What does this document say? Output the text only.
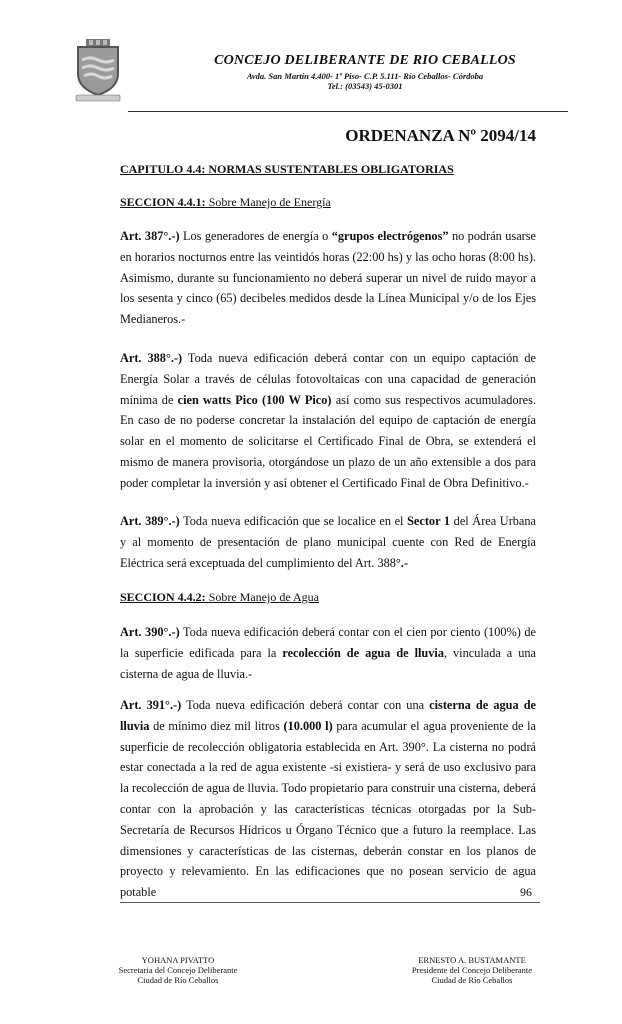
CONCEJO DELIBERANTE DE RIO CEBALLOS
Avda. San Martín 4.400- 1º Piso- C.P. 5.111- Río Ceballos- Córdoba
Tel.: (03543) 45-0301
ORDENANZA Nº 2094/14
CAPITULO 4.4: NORMAS SUSTENTABLES OBLIGATORIAS
SECCION 4.4.1: Sobre Manejo de Energía
Art. 387°.-) Los generadores de energía o “grupos electrógenos” no podrán usarse en horarios nocturnos entre las veintidós horas (22:00 hs) y las ocho horas (8:00 hs). Asimismo, durante su funcionamiento no deberá superar un nivel de ruido mayor a los sesenta y cinco (65) decibeles medidos desde la Línea Municipal y/o de los Ejes Medianeros.-
Art. 388°.-) Toda nueva edificación deberá contar con un equipo captación de Energía Solar a través de células fotovoltaicas con una capacidad de generación mínima de cien watts Pico (100 W Pico) así como sus respectivos acumuladores. En caso de no poderse concretar la instalación del equipo de captación de energía solar en el momento de solicitarse el Certificado Final de Obra, se extenderá el mismo de manera provisoria, otorgándose un plazo de un año extensible a dos para poder completar la inversión y así obtener el Certificado Final de Obra Definitivo.-
Art. 389°.-) Toda nueva edificación que se localice en el Sector 1 del Área Urbana y al momento de presentación de plano municipal cuente con Red de Energía Eléctrica será exceptuada del cumplimiento del Art. 388°.-
SECCION 4.4.2: Sobre Manejo de Agua
Art. 390°.-) Toda nueva edificación deberá contar con el cien por ciento (100%) de la superficie edificada para la recolección de agua de lluvia, vinculada a una cisterna de agua de lluvia.-
Art. 391°.-) Toda nueva edificación deberá contar con una cisterna de agua de lluvia de mínimo diez mil litros (10.000 l) para acumular el agua proveniente de la superficie de recolección obligatoria establecida en Art. 390°. La cisterna no podrá estar conectada a la red de agua existente -si existiera- y será de uso exclusivo para la recolección de agua de lluvia. Todo propietario para construir una cisterna, deberá contar con la aprobación y las características técnicas otorgadas por la Sub-Secretaría de Recursos Hídricos u Órgano Técnico que a futuro la reemplace. Las dimensiones y características de las cisternas, deberán constar en los planos de proyecto y relevamiento. En las edificaciones que no posean servicio de agua potable	96
YOHANA PIVATTO
Secretaria del Concejo Deliberante
Ciudad de Río Ceballos
ERNESTO A. BUSTAMANTE
Presidente del Concejo Deliberante
Ciudad de Río Ceballos
